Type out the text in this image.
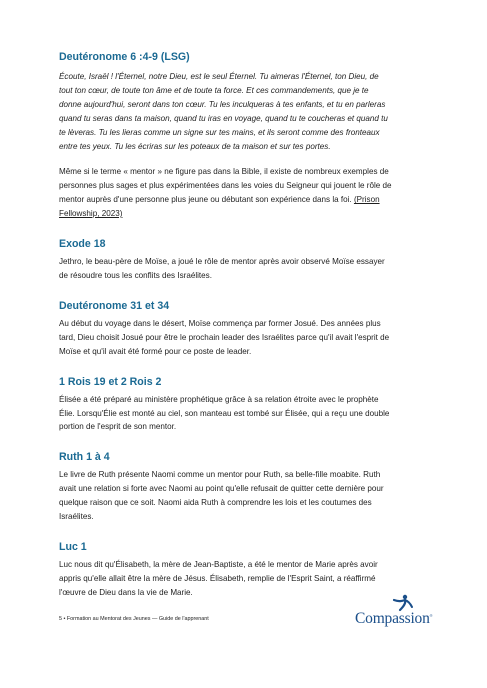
Deutéronome 6 :4-9 (LSG)

Écoute, Israël ! l'Éternel, notre Dieu, est le seul Éternel. Tu aimeras l'Éternel, ton Dieu, de

tout ton cœur, de toute ton âme et de toute ta force. Et ces commandements, que je te

donne aujourd'hui, seront dans ton cœur. Tu les inculqueras à tes enfants, et tu en parleras

quand tu seras dans ta maison, quand tu iras en voyage, quand tu te coucheras et quand tu

te lèveras. Tu les lieras comme un signe sur tes mains, et ils seront comme des fronteaux

entre tes yeux. Tu les écriras sur les poteaux de ta maison et sur tes portes.

Même si le terme « mentor » ne figure pas dans la Bible, il existe de nombreux exemples de

personnes plus sages et plus expérimentées dans les voies du Seigneur qui jouent le rôle de

mentor auprès d'une personne plus jeune ou débutant son expérience dans la foi. (Prison

Fellowship, 2023)

Exode 18

Jethro, le beau-père de Moïse, a joué le rôle de mentor après avoir observé Moïse essayer

de résoudre tous les conflits des Israélites.

Deutéronome 31 et 34

Au début du voyage dans le désert, Moïse commença par former Josué. Des années plus

tard, Dieu choisit Josué pour être le prochain leader des Israélites parce qu'il avait l'esprit de

Moïse et qu'il avait été formé pour ce poste de leader.

1 Rois 19 et 2 Rois 2

Élisée a été préparé au ministère prophétique grâce à sa relation étroite avec le prophète

Élie. Lorsqu'Élie est monté au ciel, son manteau est tombé sur Élisée, qui a reçu une double

portion de l'esprit de son mentor.

Ruth 1 à 4

Le livre de Ruth présente Naomi comme un mentor pour Ruth, sa belle-fille moabite. Ruth

avait une relation si forte avec Naomi au point qu'elle refusait de quitter cette dernière pour

quelque raison que ce soit. Naomi aida Ruth à comprendre les lois et les coutumes des

Israélites.

Luc 1

Luc nous dit qu'Élisabeth, la mère de Jean-Baptiste, a été le mentor de Marie après avoir

appris qu'elle allait être la mère de Jésus. Élisabeth, remplie de l'Esprit Saint, a réaffirmé

l'œuvre de Dieu dans la vie de Marie.

5 • Formation au Mentorat des Jeunes — Guide de l'apprenant	Compassion®
